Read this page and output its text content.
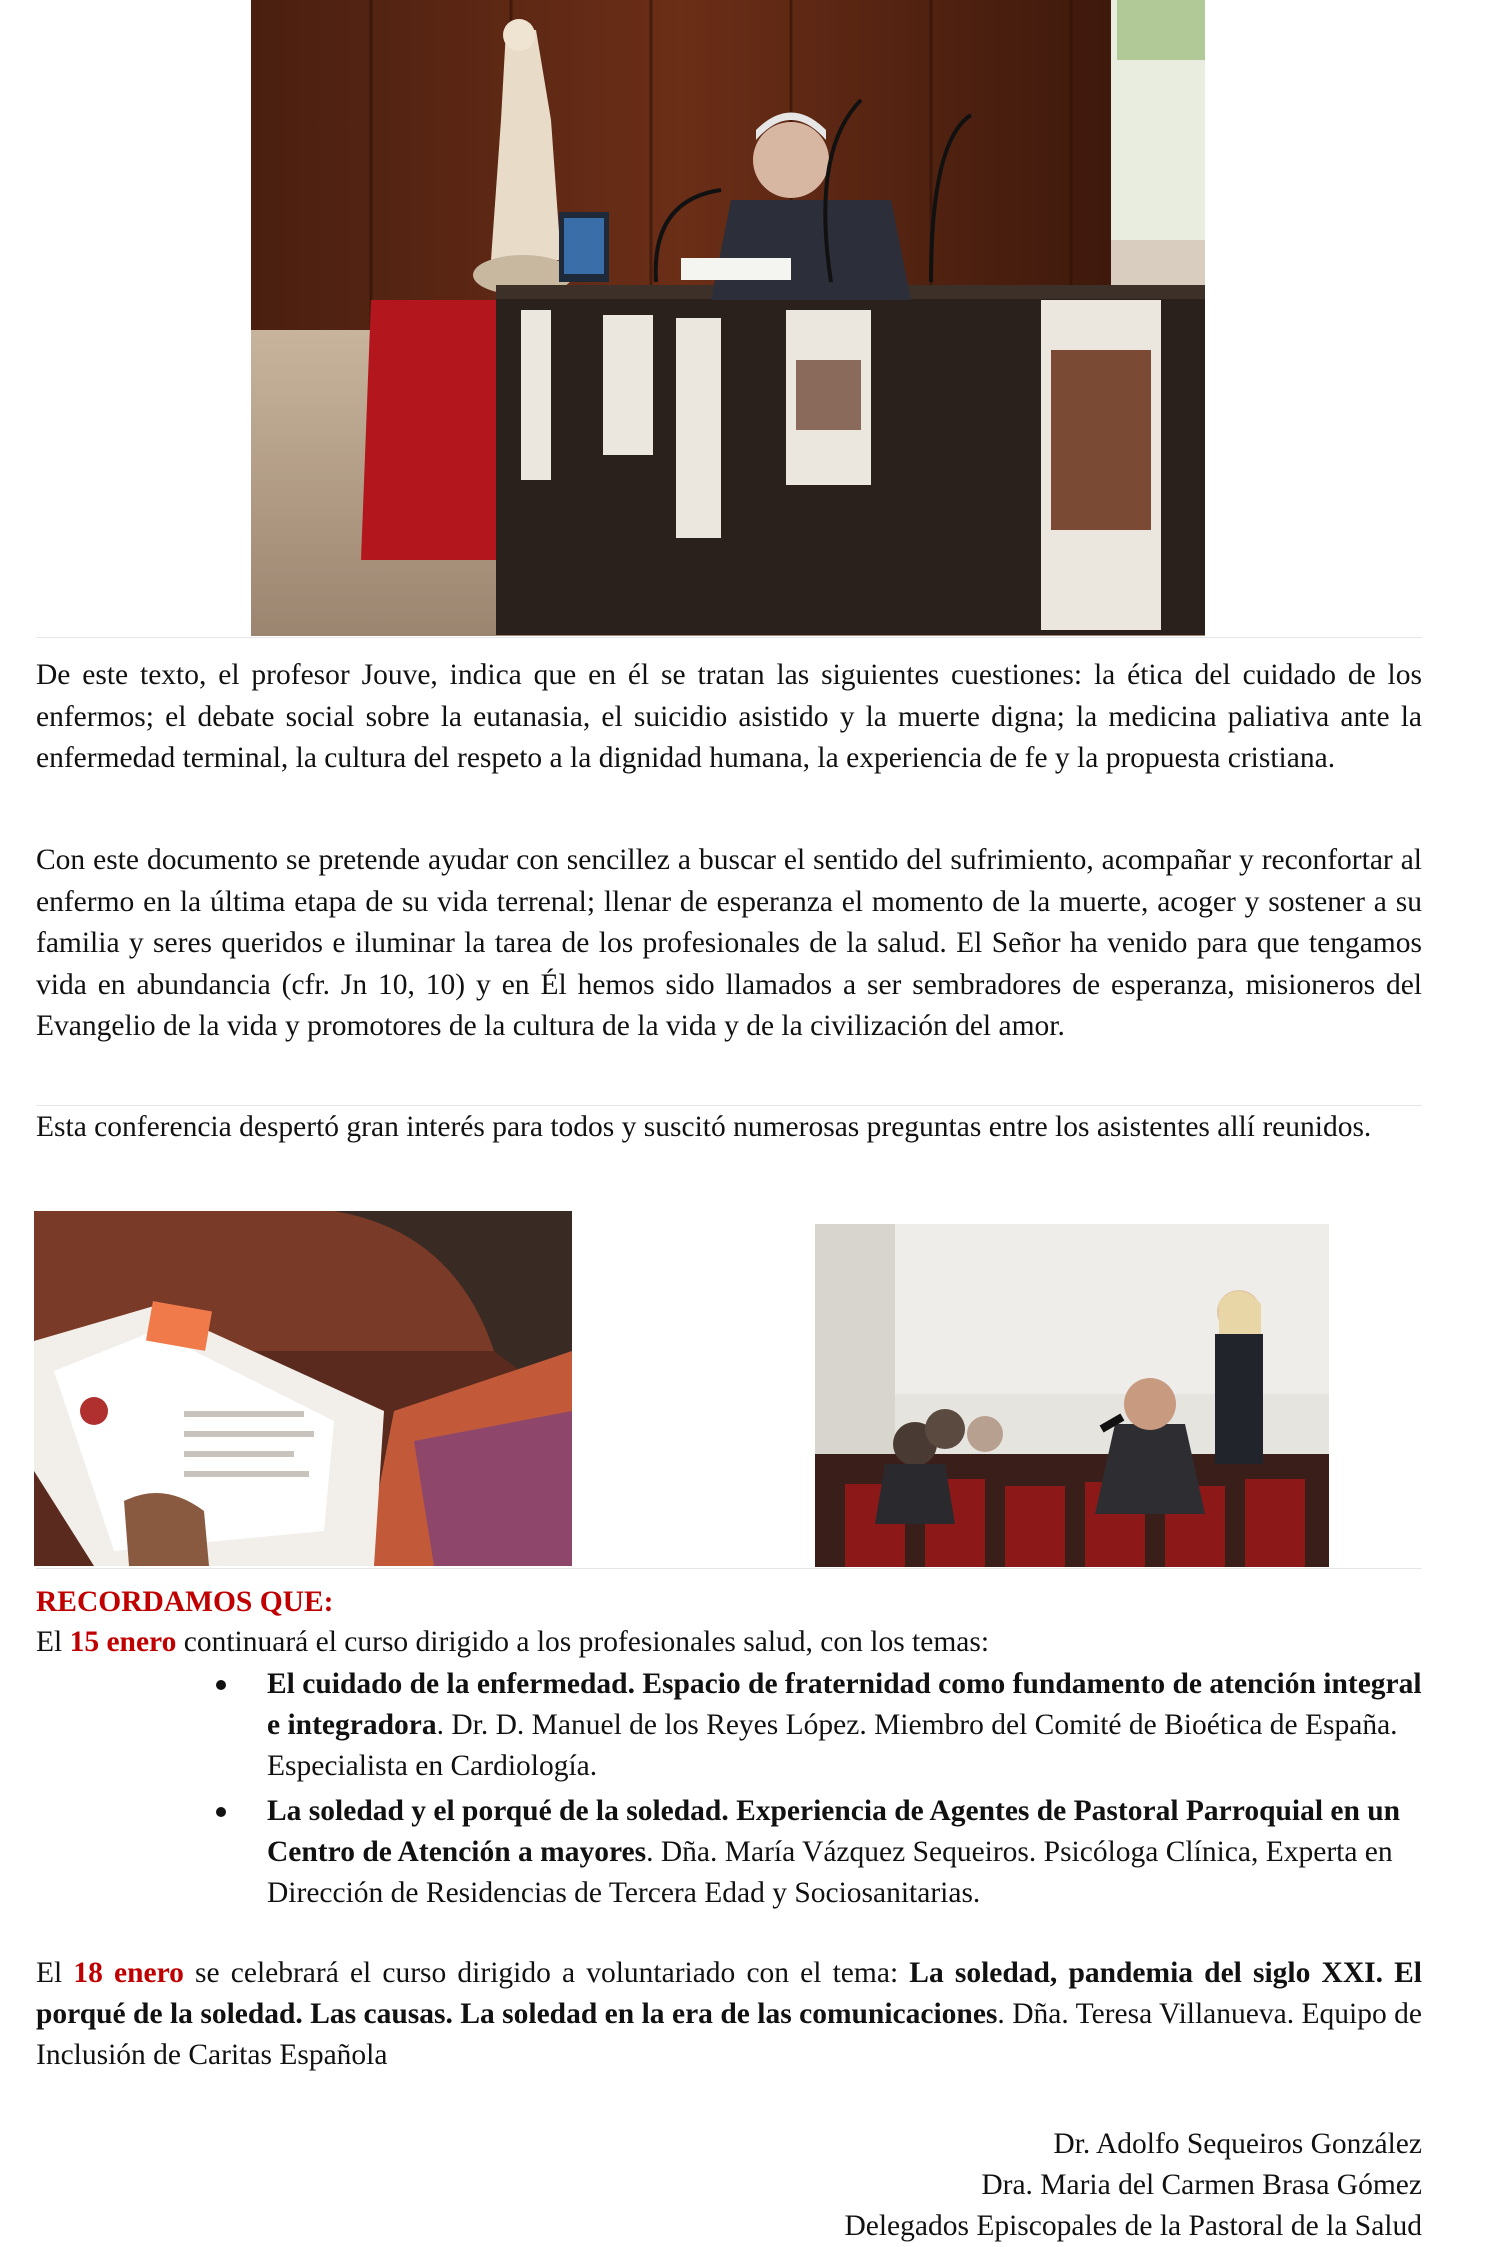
De este texto, el profesor Jouve, indica que en él se tratan las siguientes cuestiones: la ética del cuidado de los enfermos; el debate social sobre la eutanasia, el suicidio asistido y la muerte digna; la medicina paliativa ante la enfermedad terminal, la cultura del respeto a la dignidad humana, la experiencia de fe y la propuesta cristiana.

Con este documento se pretende ayudar con sencillez a buscar el sentido del sufrimiento, acompañar y reconfortar al enfermo en la última etapa de su vida terrenal; llenar de esperanza el momento de la muerte, acoger y sostener a su familia y seres queridos e iluminar la tarea de los profesionales de la salud. El Señor ha venido para que tengamos vida en abundancia (cfr. Jn 10, 10) y en Él hemos sido llamados a ser sembradores de esperanza, misioneros del Evangelio de la vida y promotores de la cultura de la vida y de la civilización del amor.

Esta conferencia despertó gran interés para todos y suscitó numerosas preguntas entre los asistentes allí reunidos.

RECORDAMOS QUE:
El 15 enero continuará el curso dirigido a los profesionales salud, con los temas:

El cuidado de la enfermedad. Espacio de fraternidad como fundamento de atención integral e integradora. Dr. D. Manuel de los Reyes López. Miembro del Comité de Bioética de España. Especialista en Cardiología.
La soledad y el porqué de la soledad. Experiencia de Agentes de Pastoral Parroquial en un Centro de Atención a mayores. Dña. María Vázquez Sequeiros. Psicóloga Clínica, Experta en Dirección de Residencias de Tercera Edad y Sociosanitarias.

El 18 enero se celebrará el curso dirigido a voluntariado con el tema: La soledad, pandemia del siglo XXI. El porqué de la soledad. Las causas. La soledad en la era de las comunicaciones. Dña. Teresa Villanueva. Equipo de Inclusión de Caritas Española

Dr. Adolfo Sequeiros González
Dra. Maria del Carmen Brasa Gómez
Delegados Episcopales de la Pastoral de la Salud
